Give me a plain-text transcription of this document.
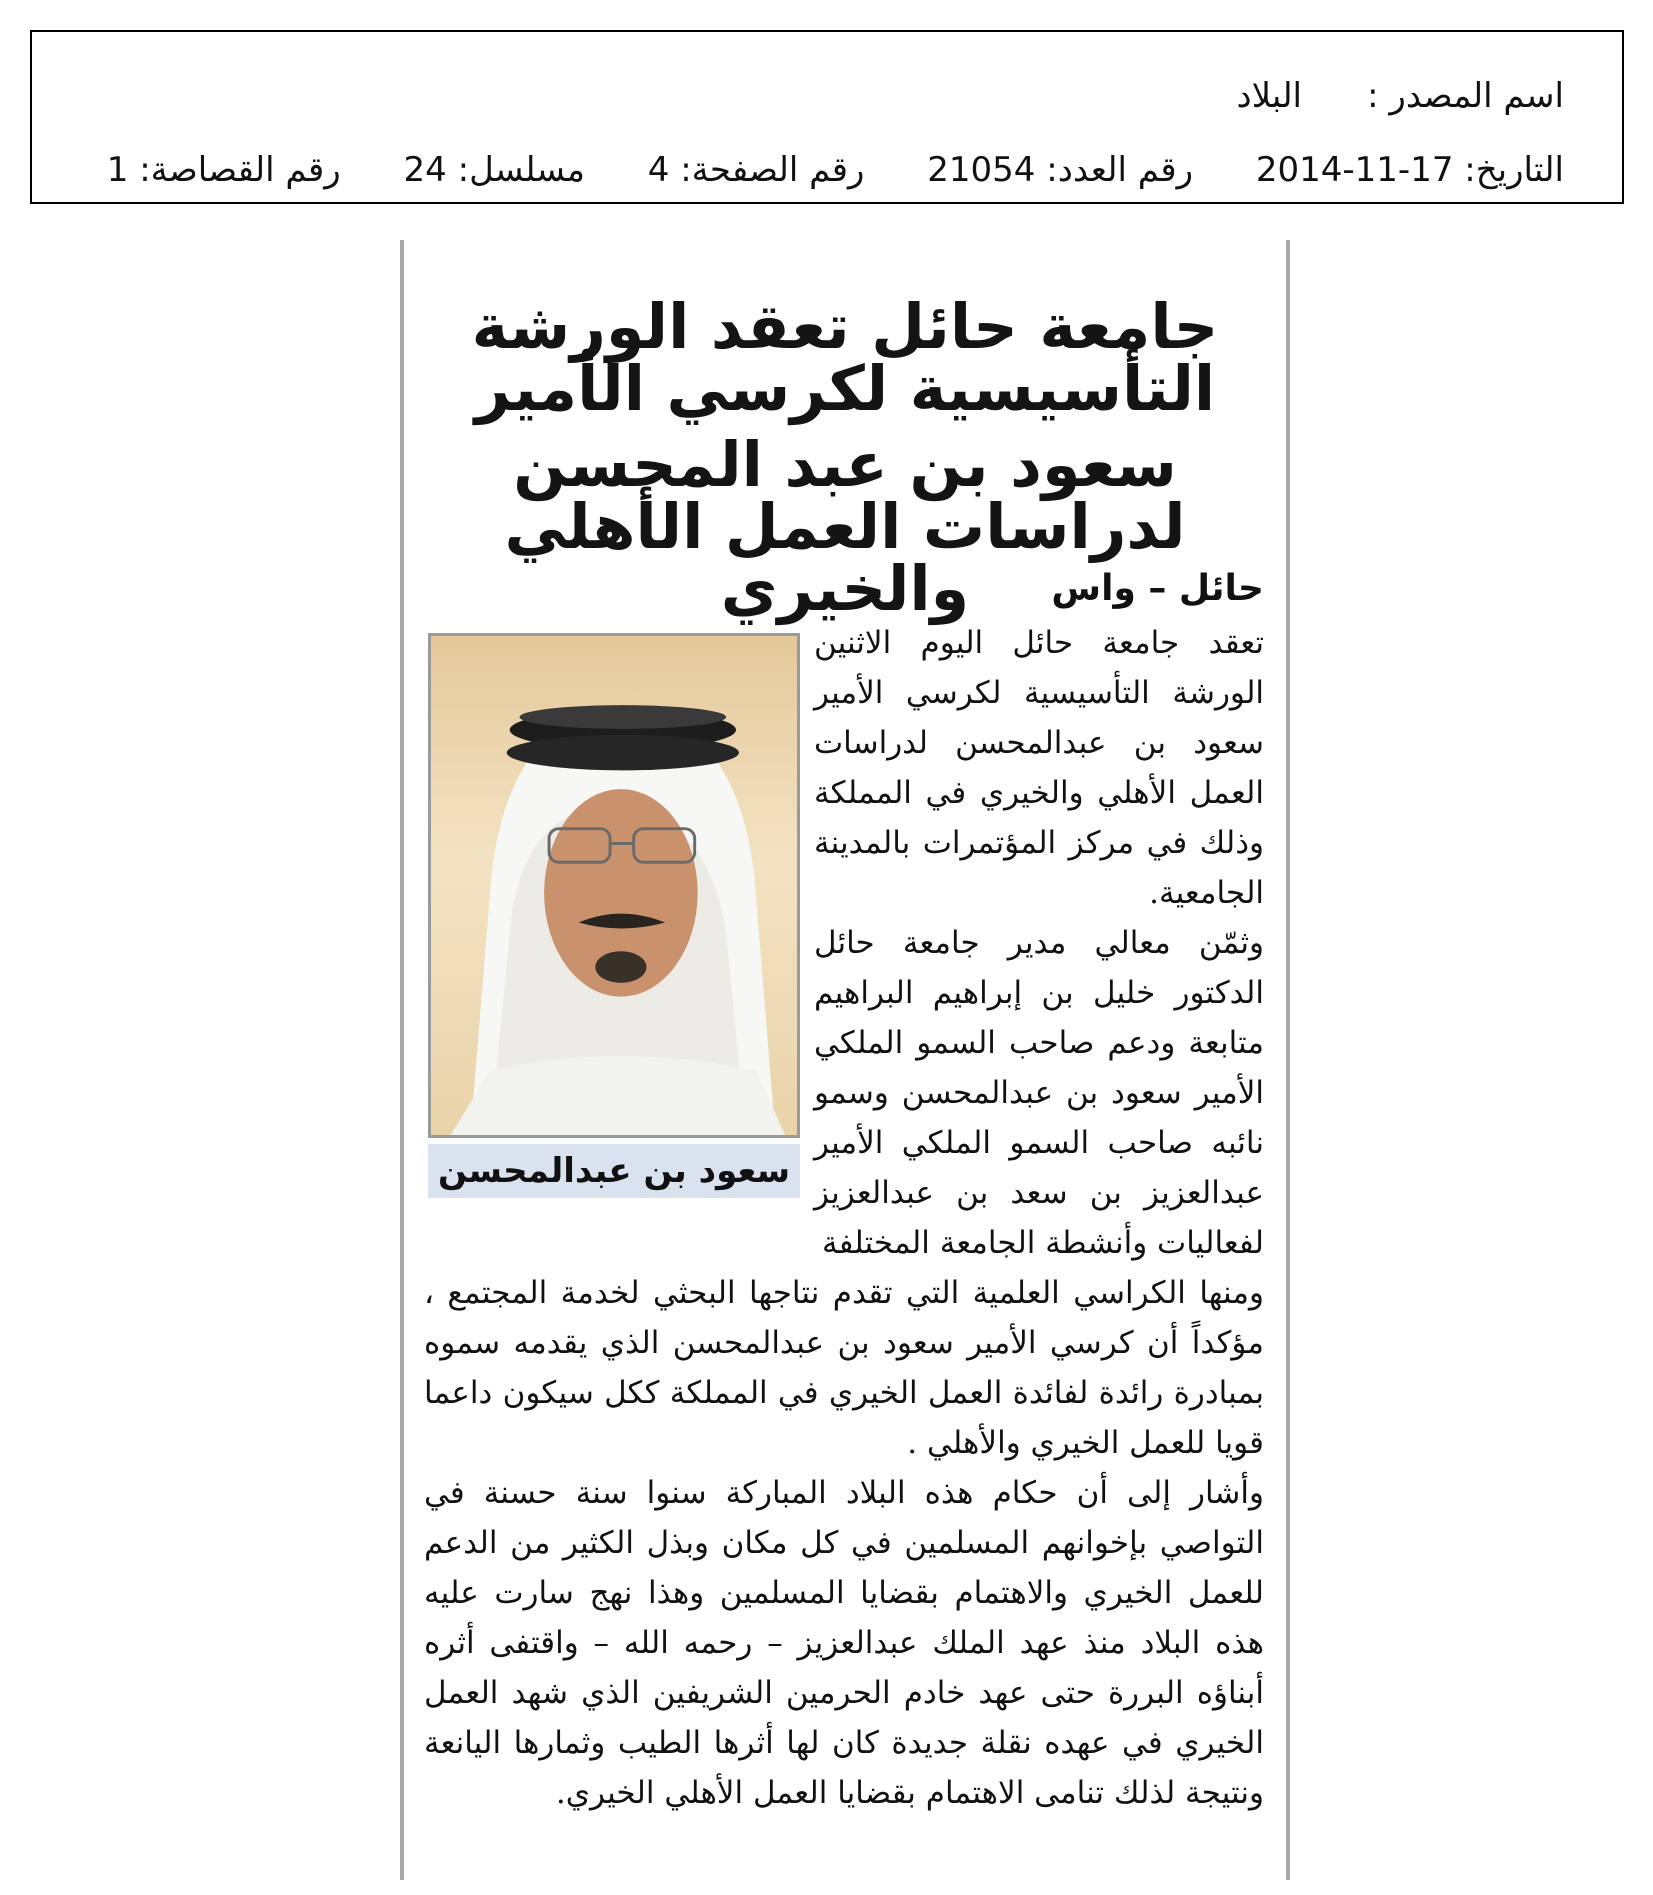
اسم المصدر :البلاد
التاريخ: 17-11-2014 رقم العدد: 21054 رقم الصفحة: 4 مسلسل: 24 رقم القصاصة: 1
جامعة حائل تعقد الورشة التأسيسية لكرسي الأمير
سعود بن عبد المحسن لدراسات العمل الأهلي والخيري	حائل – واس

تعقد جامعة حائل اليوم الاثنين الورشة التأسيسية لكرسي الأمير سعود بن عبدالمحسن لدراسات العمل الأهلي والخيري في المملكة وذلك في مركز المؤتمرات بالمدينة الجامعية.

وثمّن معالي مدير جامعة حائل الدكتور خليل بن إبراهيم البراهيم متابعة ودعم صاحب السمو الملكي الأمير سعود بن عبدالمحسن وسمو نائبه صاحب السمو الملكي الأمير عبدالعزيز بن سعد بن عبدالعزيز لفعاليات وأنشطة الجامعة المختلفة

سعود بن عبدالمحسن

ومنها الكراسي العلمية التي تقدم نتاجها البحثي لخدمة المجتمع ، مؤكداً أن كرسي الأمير سعود بن عبدالمحسن الذي يقدمه سموه بمبادرة رائدة لفائدة العمل الخيري في المملكة ككل سيكون داعما قويا للعمل الخيري والأهلي .

وأشار إلى أن حكام هذه البلاد المباركة سنوا سنة حسنة في التواصي بإخوانهم المسلمين في كل مكان وبذل الكثير من الدعم للعمل الخيري والاهتمام بقضايا المسلمين وهذا نهج سارت عليه هذه البلاد منذ عهد الملك عبدالعزيز – رحمه الله – واقتفى أثره أبناؤه البررة حتى عهد خادم الحرمين الشريفين الذي شهد العمل الخيري في عهده نقلة جديدة كان لها أثرها الطيب وثمارها اليانعة ونتيجة لذلك تنامى الاهتمام بقضايا العمل الأهلي الخيري.
